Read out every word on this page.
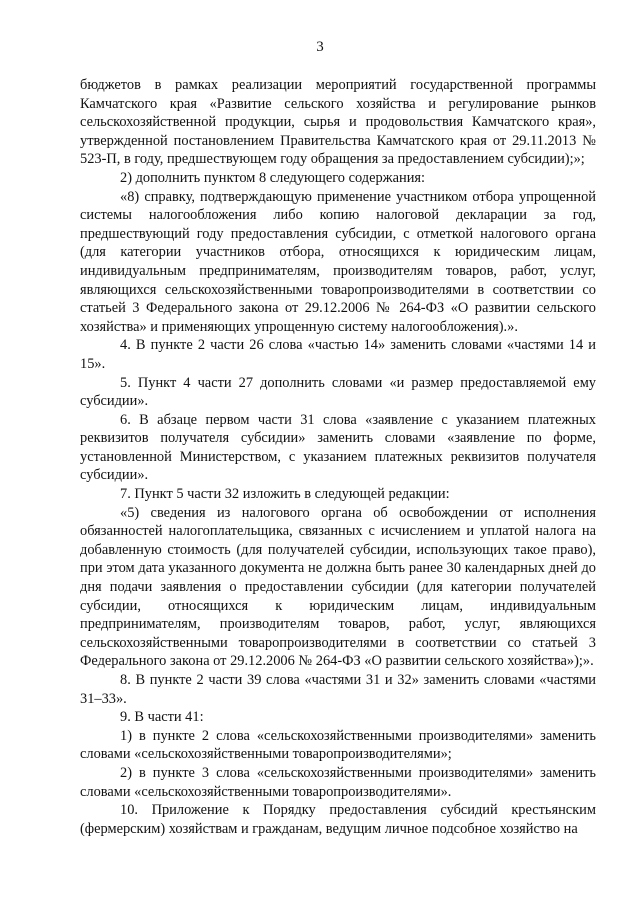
3

бюджетов в рамках реализации мероприятий государственной программы Камчатского края «Развитие сельского хозяйства и регулирование рынков сельскохозяйственной продукции, сырья и продовольствия Камчатского края», утвержденной постановлением Правительства Камчатского края от 29.11.2013 № 523-П, в году, предшествующем году обращения за предоставлением субсидии);»;

2) дополнить пунктом 8 следующего содержания:

«8) справку, подтверждающую применение участником отбора упрощенной системы налогообложения либо копию налоговой декларации за год, предшествующий году предоставления субсидии, с отметкой налогового органа (для категории участников отбора, относящихся к юридическим лицам, индивидуальным предпринимателям, производителям товаров, работ, услуг, являющихся сельскохозяйственными товаропроизводителями в соответствии со статьей 3 Федерального закона от 29.12.2006 № 264-ФЗ «О развитии сельского хозяйства» и применяющих упрощенную систему налогообложения).».

4. В пункте 2 части 26 слова «частью 14» заменить словами «частями 14 и 15».

5. Пункт 4 части 27 дополнить словами «и размер предоставляемой ему субсидии».

6. В абзаце первом части 31 слова «заявление с указанием платежных реквизитов получателя субсидии» заменить словами «заявление по форме, установленной Министерством, с указанием платежных реквизитов получателя субсидии».

7. Пункт 5 части 32 изложить в следующей редакции:

«5) сведения из налогового органа об освобождении от исполнения обязанностей налогоплательщика, связанных с исчислением и уплатой налога на добавленную стоимость (для получателей субсидии, использующих такое право), при этом дата указанного документа не должна быть ранее 30 календарных дней до дня подачи заявления о предоставлении субсидии (для категории получателей субсидии, относящихся к юридическим лицам, индивидуальным предпринимателям, производителям товаров, работ, услуг, являющихся сельскохозяйственными товаропроизводителями в соответствии со статьей 3 Федерального закона от 29.12.2006 № 264-ФЗ «О развитии сельского хозяйства»);».

8. В пункте 2 части 39 слова «частями 31 и 32» заменить словами «частями 31–33».

9. В части 41:

1) в пункте 2 слова «сельскохозяйственными производителями» заменить словами «сельскохозяйственными товаропроизводителями»;

2) в пункте 3 слова «сельскохозяйственными производителями» заменить словами «сельскохозяйственными товаропроизводителями».

10. Приложение к Порядку предоставления субсидий крестьянским (фермерским) хозяйствам и гражданам, ведущим личное подсобное хозяйство на
